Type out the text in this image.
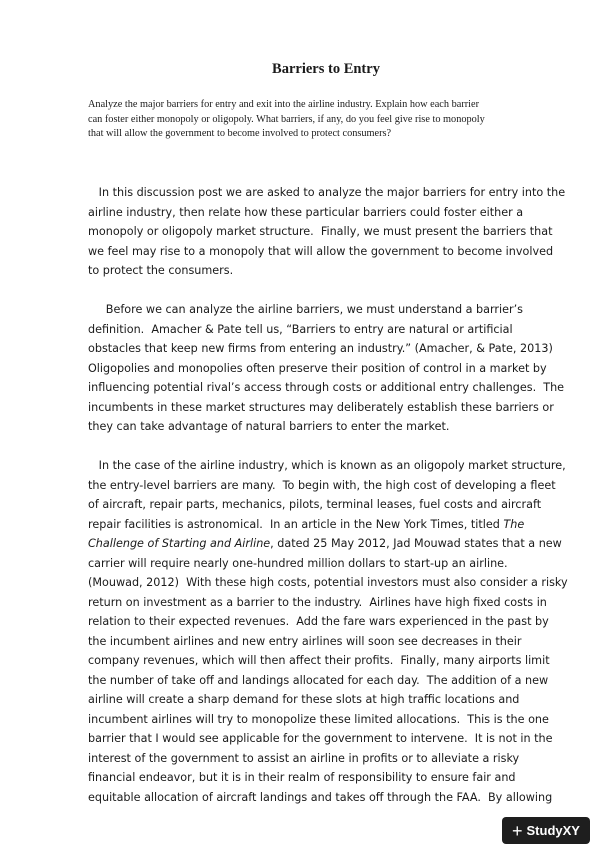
Barriers to Entry
Analyze the major barriers for entry and exit into the airline industry. Explain how each barrier
can foster either monopoly or oligopoly. What barriers, if any, do you feel give rise to monopoly
that will allow the government to become involved to protect consumers?
In this discussion post we are asked to analyze the major barriers for entry into the
airline industry, then relate how these particular barriers could foster either a
monopoly or oligopoly market structure.  Finally, we must present the barriers that
we feel may rise to a monopoly that will allow the government to become involved
to protect the consumers.
Before we can analyze the airline barriers, we must understand a barrier’s
definition.  Amacher & Pate tell us, “Barriers to entry are natural or artificial
obstacles that keep new firms from entering an industry.” (Amacher, & Pate, 2013)
Oligopolies and monopolies often preserve their position of control in a market by
influencing potential rival’s access through costs or additional entry challenges.  The
incumbents in these market structures may deliberately establish these barriers or
they can take advantage of natural barriers to enter the market.
In the case of the airline industry, which is known as an oligopoly market structure,
the entry-level barriers are many.  To begin with, the high cost of developing a fleet
of aircraft, repair parts, mechanics, pilots, terminal leases, fuel costs and aircraft
repair facilities is astronomical.  In an article in the New York Times, titled The
Challenge of Starting and Airline, dated 25 May 2012, Jad Mouwad states that a new
carrier will require nearly one-hundred million dollars to start-up an airline.
(Mouwad, 2012)  With these high costs, potential investors must also consider a risky
return on investment as a barrier to the industry.  Airlines have high fixed costs in
relation to their expected revenues.  Add the fare wars experienced in the past by
the incumbent airlines and new entry airlines will soon see decreases in their
company revenues, which will then affect their profits.  Finally, many airports limit
the number of take off and landings allocated for each day.  The addition of a new
airline will create a sharp demand for these slots at high traffic locations and
incumbent airlines will try to monopolize these limited allocations.  This is the one
barrier that I would see applicable for the government to intervene.  It is not in the
interest of the government to assist an airline in profits or to alleviate a risky
financial endeavor, but it is in their realm of responsibility to ensure fair and
equitable allocation of aircraft landings and takes off through the FAA.  By allowing
+ StudyXY
